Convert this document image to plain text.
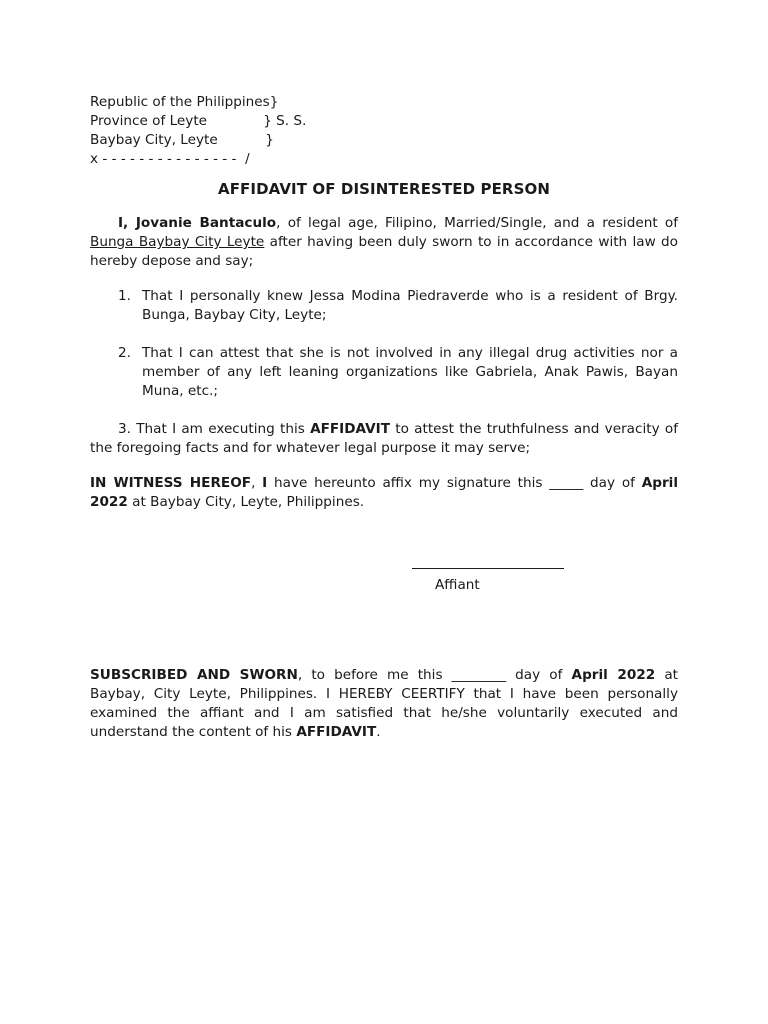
Republic of the Philippines}
Province of Leyte             } S. S.
Baybay City, Leyte           }
x - - - - - - - - - - - - - - -  /
AFFIDAVIT OF DISINTERESTED PERSON

I, Jovanie Bantaculo, of legal age, Filipino, Married/Single, and a resident of Bunga Baybay City Leyte after having been duly sworn to in accordance with law do hereby depose and say;

1. That I personally knew Jessa Modina Piedraverde who is a resident of Brgy. Bunga, Baybay City, Leyte;
2. That I can attest that she is not involved in any illegal drug activities nor a member of any left leaning organizations like Gabriela, Anak Pawis, Bayan Muna, etc.;

3. That I am executing this AFFIDAVIT to attest the truthfulness and veracity of the foregoing facts and for whatever legal purpose it may serve;

IN WITNESS HEREOF, I have hereunto affix my signature this _____ day of April 2022 at Baybay City, Leyte, Philippines.

Affiant

SUBSCRIBED AND SWORN, to before me this ________ day of April 2022 at Baybay, City Leyte, Philippines. I HEREBY CEERTIFY that I have been personally examined the affiant and I am satisfied that he/she voluntarily executed and understand the content of his AFFIDAVIT.
